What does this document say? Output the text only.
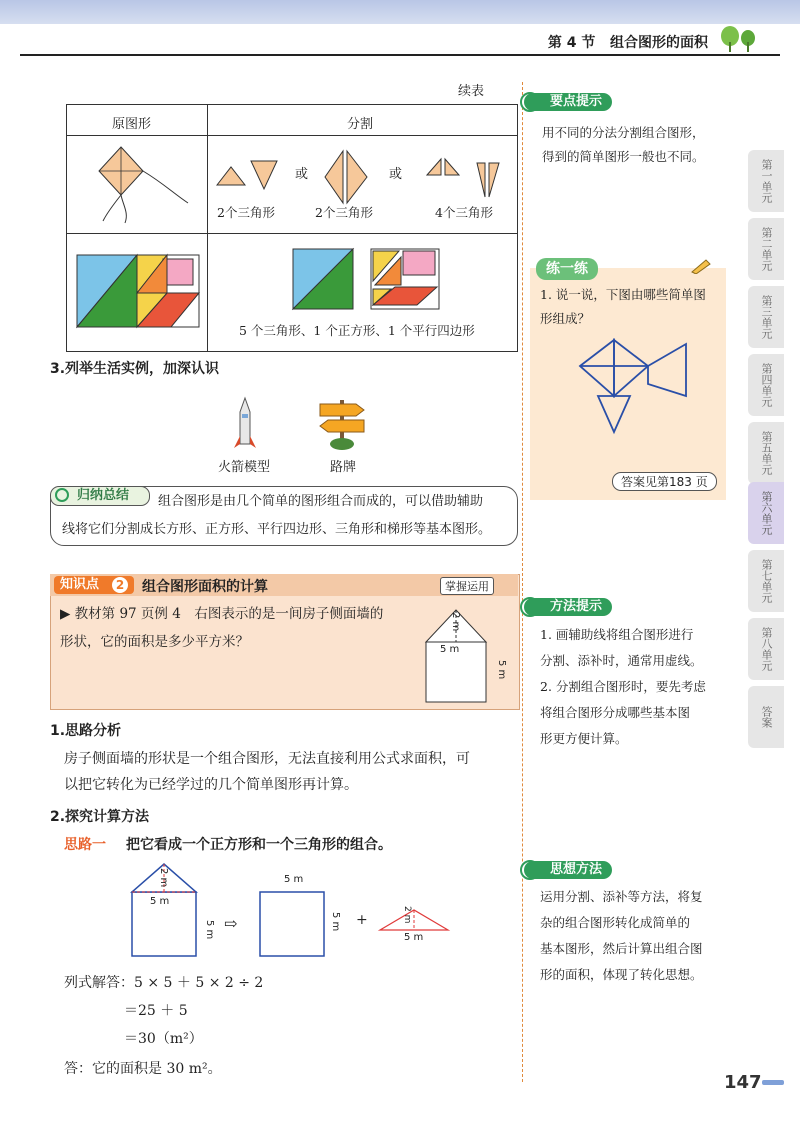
第 4 节 组合图形的面积
续表
原图形	分割
或	或
2个三角形	2个三角形	4个三角形
5 个三角形、1 个正方形、1 个平行四边形
3.列举生活实例，加深认识
火箭模型	路牌
归纳总结 组合图形是由几个简单的图形组合而成的，可以借助辅助
线将它们分割成长方形、正方形、平行四边形、三角形和梯形等基本图形。
知识点	2 组合图形面积的计算	掌握运用
▶ 教材第 97 页例 4　右图表示的是一间房子侧面墙的
形状，它的面积是多少平方米？
2 m
5 m
5 m
1.思路分析
房子侧面墙的形状是一个组合图形，无法直接利用公式求面积，可
以把它转化为已经学过的几个简单图形再计算。
2.探究计算方法
思路一 把它看成一个正方形和一个三角形的组合。
2 m
5 m
5 m ⇨
5 m
5 m +	2 m
5 m
列式解答：5 × 5 ＋ 5 × 2 ÷ 2
＝25 ＋ 5
＝30（m²）
答：它的面积是 30 m²。
要点提示
用不同的分法分割组合图形，
得到的简单图形一般也不同。
练一练
1. 说一说，下图由哪些简单图
形组成？
答案见第183 页
方法提示
1. 画辅助线将组合图形进行
分割、添补时，通常用虚线。
2. 分割组合图形时，要先考虑
将组合图形分成哪些基本图
形更方便计算。
思想方法
运用分割、添补等方法，将复
杂的组合图形转化成简单的
基本图形，然后计算出组合图
形的面积，体现了转化思想。
第一单元
第二单元
第三单元
第四单元
第五单元
第六单元
第七单元
第八单元
答案
147
